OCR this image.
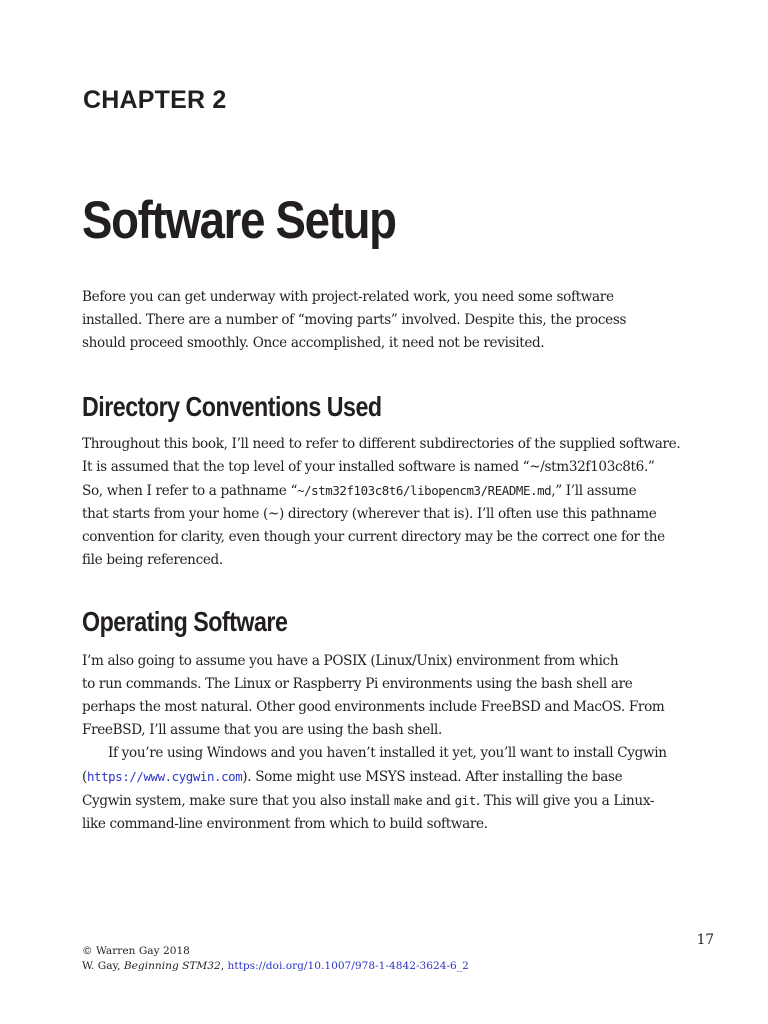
CHAPTER 2
Software Setup

Before you can get underway with project-related work, you need some software
installed. There are a number of “moving parts” involved. Despite this, the process
should proceed smoothly. Once accomplished, it need not be revisited.

Directory Conventions Used

Throughout this book, I’ll need to refer to different subdirectories of the supplied software.
It is assumed that the top level of your installed software is named “~/stm32f103c8t6.”
So, when I refer to a pathname “~/stm32f103c8t6/libopencm3/README.md,” I’ll assume
that starts from your home (~) directory (wherever that is). I’ll often use this pathname
convention for clarity, even though your current directory may be the correct one for the
file being referenced.

Operating Software

I’m also going to assume you have a POSIX (Linux/Unix) environment from which
to run commands. The Linux or Raspberry Pi environments using the bash shell are
perhaps the most natural. Other good environments include FreeBSD and MacOS. From
FreeBSD, I’ll assume that you are using the bash shell.
If you’re using Windows and you haven’t installed it yet, you’ll want to install Cygwin
(https://www.cygwin.com). Some might use MSYS instead. After installing the base
Cygwin system, make sure that you also install make and git. This will give you a Linux-
like command-line environment from which to build software.

17

© Warren Gay 2018
W. Gay, Beginning STM32, https://doi.org/10.1007/978-1-4842-3624-6_2
